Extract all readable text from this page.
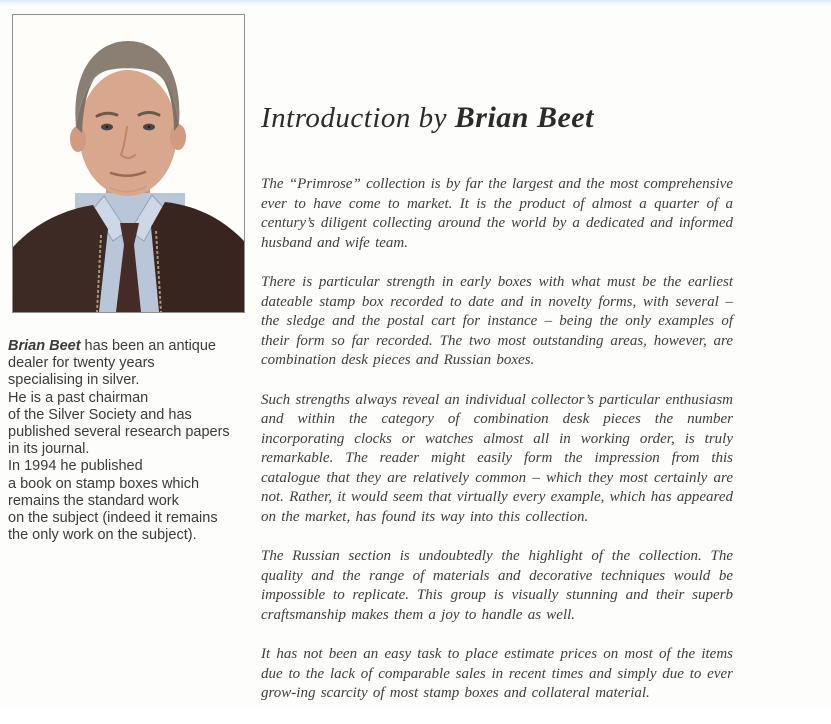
Brian Beet has been an antique
dealer for twenty years
specialising in silver.
He is a past chairman
of the Silver Society and has
published several research papers
in its journal.
In 1994 he published
a book on stamp boxes which
remains the standard work
on the subject (indeed it remains
the only work on the subject).
Introduction by Brian Beet

The “Primrose” collection is by far the largest and the most comprehensive ever to have come to market. It is the product of almost a quarter of a century’s diligent collecting around the world by a dedicated and informed husband and wife team.

There is particular strength in early boxes with what must be the earliest dateable stamp box recorded to date and in novelty forms, with several – the sledge and the postal cart for instance – being the only examples of their form so far recorded. The two most outstanding areas, however, are combination desk pieces and Russian boxes.

Such strengths always reveal an individual collector’s particular enthusiasm and within the category of combination desk pieces the number incorporating clocks or watches almost all in working order, is truly remarkable. The reader might easily form the impression from this catalogue that they are relatively common – which they most certainly are not. Rather, it would seem that virtually every example, which has appeared on the market, has found its way into this collection.

The Russian section is undoubtedly the highlight of the collection. The quality and the range of materials and decorative techniques would be impossible to replicate. This group is visually stunning and their superb craftsmanship makes them a joy to handle as well.

It has not been an easy task to place estimate prices on most of the items due to the lack of comparable sales in recent times and simply due to ever grow-ing scarcity of most stamp boxes and collateral material.
